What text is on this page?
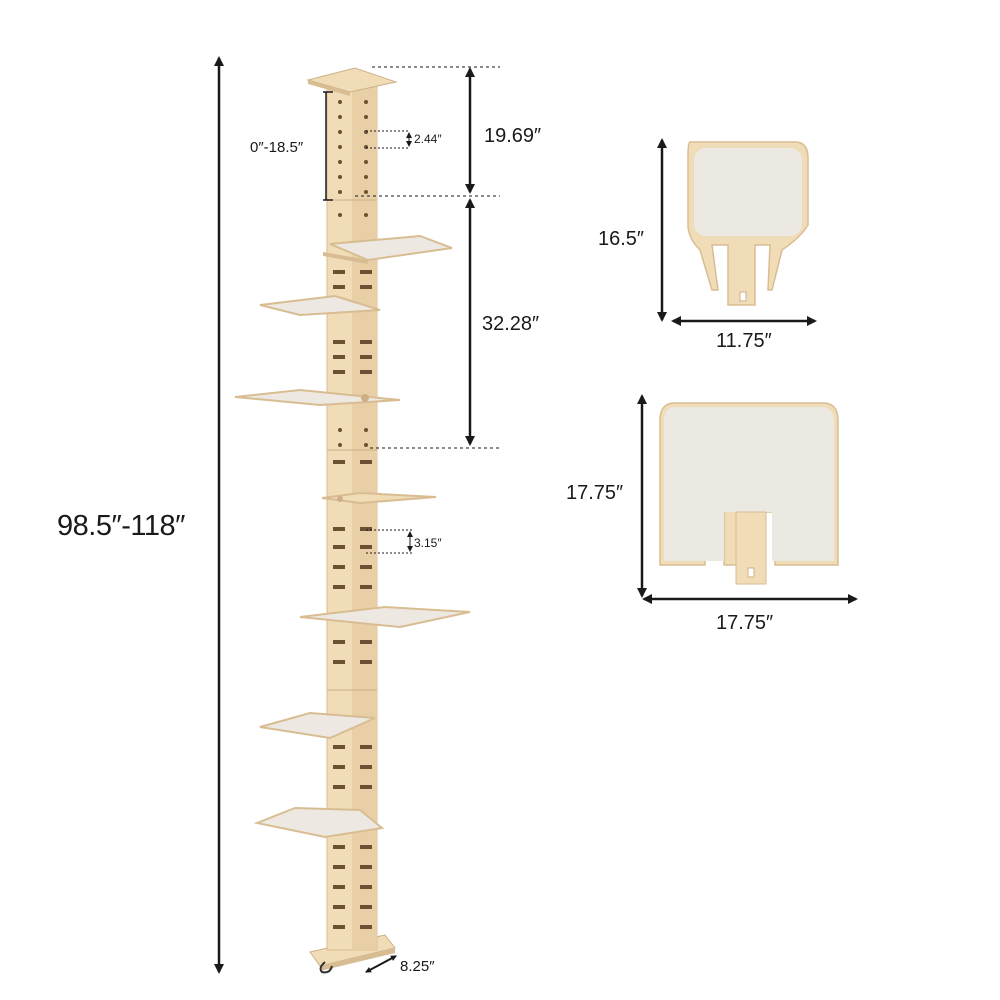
98.5″-118″
0″-18.5″	2.44″ 19.69″
32.28″
3.15″
8.25″
16.5″
11.75″
17.75″
17.75″
